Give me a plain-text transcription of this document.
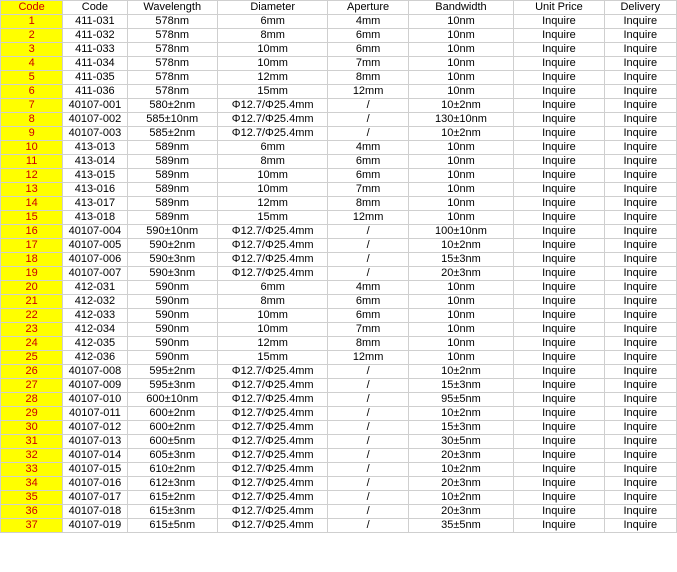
Code	Code	Wavelength	Diameter	Aperture	Bandwidth	Unit Price	Delivery
1	411-031	578nm	6mm	4mm	10nm	Inquire	Inquire
2	411-032	578nm	8mm	6mm	10nm	Inquire	Inquire
3	411-033	578nm	10mm	6mm	10nm	Inquire	Inquire
4	411-034	578nm	10mm	7mm	10nm	Inquire	Inquire
5	411-035	578nm	12mm	8mm	10nm	Inquire	Inquire
6	411-036	578nm	15mm	12mm	10nm	Inquire	Inquire
7	40107-001	580±2nm	Φ12.7/Φ25.4mm	/	10±2nm	Inquire	Inquire
8	40107-002	585±10nm	Φ12.7/Φ25.4mm	/	130±10nm	Inquire	Inquire
9	40107-003	585±2nm	Φ12.7/Φ25.4mm	/	10±2nm	Inquire	Inquire
10	413-013	589nm	6mm	4mm	10nm	Inquire	Inquire
11	413-014	589nm	8mm	6mm	10nm	Inquire	Inquire
12	413-015	589nm	10mm	6mm	10nm	Inquire	Inquire
13	413-016	589nm	10mm	7mm	10nm	Inquire	Inquire
14	413-017	589nm	12mm	8mm	10nm	Inquire	Inquire
15	413-018	589nm	15mm	12mm	10nm	Inquire	Inquire
16	40107-004	590±10nm	Φ12.7/Φ25.4mm	/	100±10nm	Inquire	Inquire
17	40107-005	590±2nm	Φ12.7/Φ25.4mm	/	10±2nm	Inquire	Inquire
18	40107-006	590±3nm	Φ12.7/Φ25.4mm	/	15±3nm	Inquire	Inquire
19	40107-007	590±3nm	Φ12.7/Φ25.4mm	/	20±3nm	Inquire	Inquire
20	412-031	590nm	6mm	4mm	10nm	Inquire	Inquire
21	412-032	590nm	8mm	6mm	10nm	Inquire	Inquire
22	412-033	590nm	10mm	6mm	10nm	Inquire	Inquire
23	412-034	590nm	10mm	7mm	10nm	Inquire	Inquire
24	412-035	590nm	12mm	8mm	10nm	Inquire	Inquire
25	412-036	590nm	15mm	12mm	10nm	Inquire	Inquire
26	40107-008	595±2nm	Φ12.7/Φ25.4mm	/	10±2nm	Inquire	Inquire
27	40107-009	595±3nm	Φ12.7/Φ25.4mm	/	15±3nm	Inquire	Inquire
28	40107-010	600±10nm	Φ12.7/Φ25.4mm	/	95±5nm	Inquire	Inquire
29	40107-011	600±2nm	Φ12.7/Φ25.4mm	/	10±2nm	Inquire	Inquire
30	40107-012	600±2nm	Φ12.7/Φ25.4mm	/	15±3nm	Inquire	Inquire
31	40107-013	600±5nm	Φ12.7/Φ25.4mm	/	30±5nm	Inquire	Inquire
32	40107-014	605±3nm	Φ12.7/Φ25.4mm	/	20±3nm	Inquire	Inquire
33	40107-015	610±2nm	Φ12.7/Φ25.4mm	/	10±2nm	Inquire	Inquire
34	40107-016	612±3nm	Φ12.7/Φ25.4mm	/	20±3nm	Inquire	Inquire
35	40107-017	615±2nm	Φ12.7/Φ25.4mm	/	10±2nm	Inquire	Inquire
36	40107-018	615±3nm	Φ12.7/Φ25.4mm	/	20±3nm	Inquire	Inquire
37	40107-019	615±5nm	Φ12.7/Φ25.4mm	/	35±5nm	Inquire	Inquire
